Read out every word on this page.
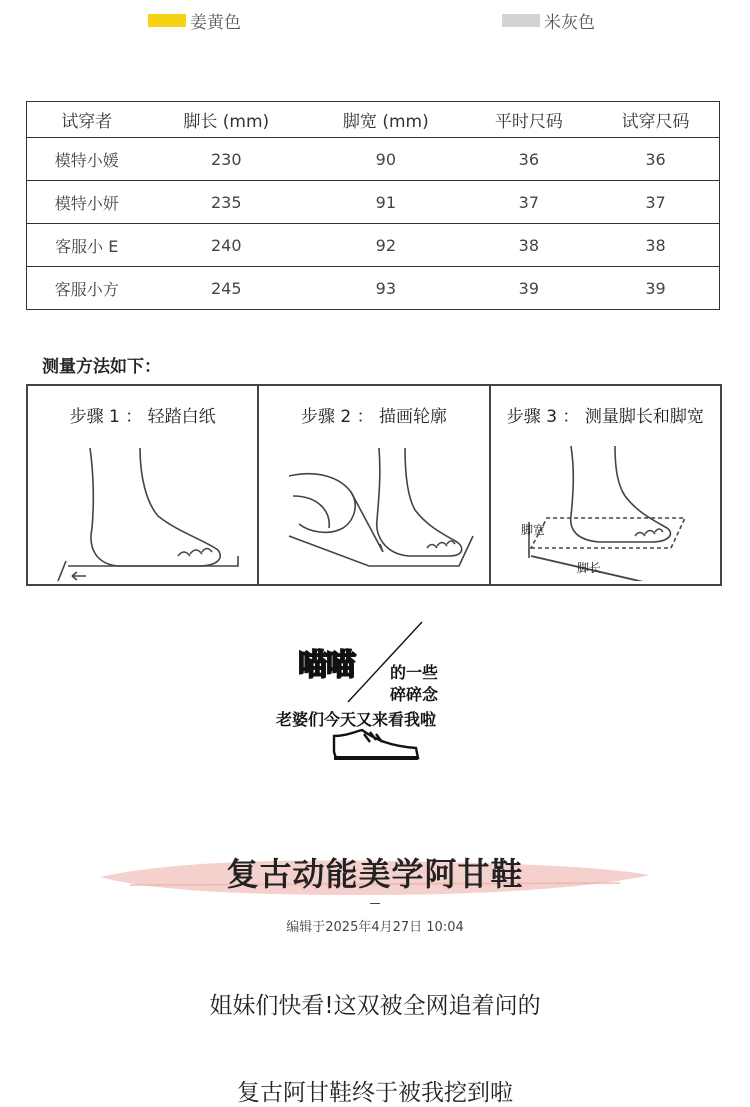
姜黄色	米灰色
试穿者	脚长 (mm)	脚宽 (mm)	平时尺码	试穿尺码
模特小媛	230	90	36	36
模特小妍	235	91	37	37
客服小 E	240	92	38	38
客服小方	245	93	39	39
测量方法如下：
步骤 1 ： 轻踏白纸	步骤 2 ： 描画轮廓	步骤 3 ： 测量脚长和脚宽
脚宽
脚长
喵喵 的一些
碎碎念
老婆们今天又来看我啦
复古动能美学阿甘鞋
编辑于2025年4月27日 10:04
姐妹们快看!这双被全网追着问的
复古阿甘鞋终于被我挖到啦
